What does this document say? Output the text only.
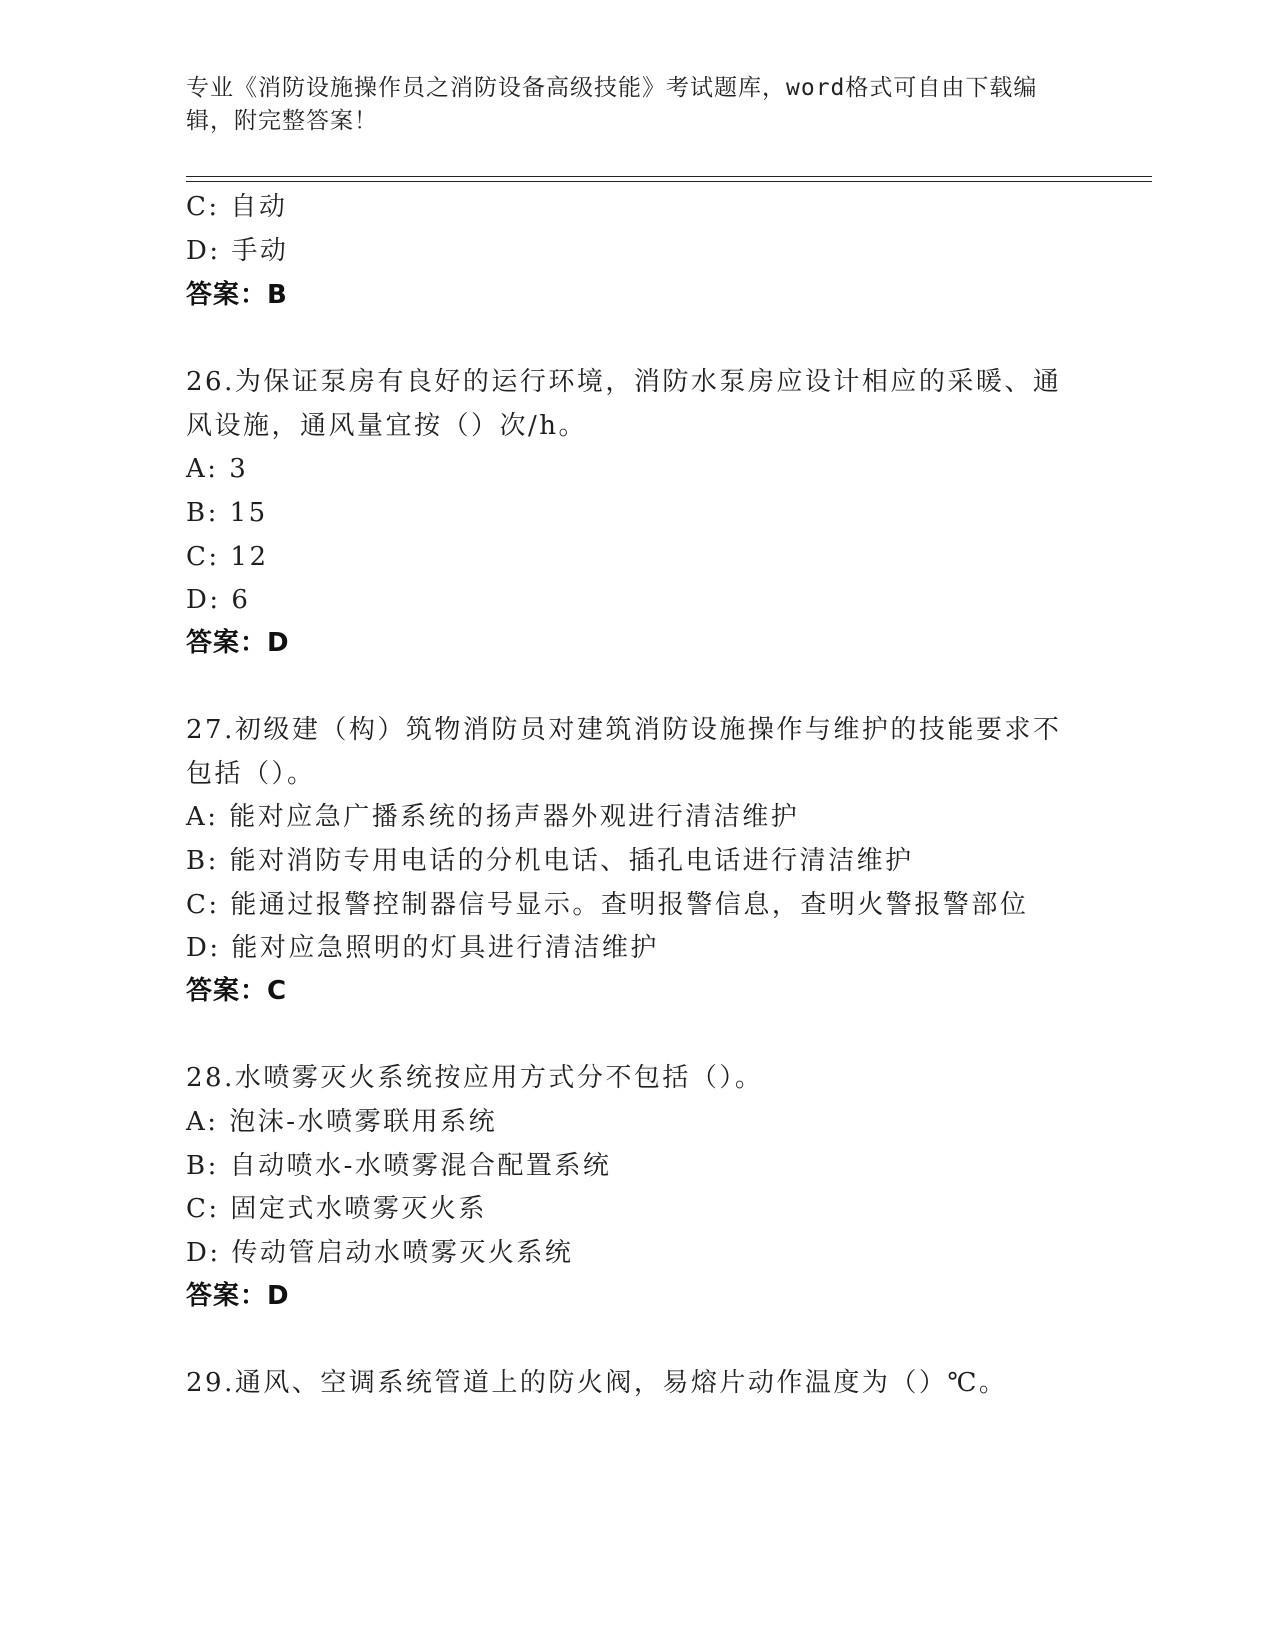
专业《消防设施操作员之消防设备高级技能》考试题库，word格式可自由下载编
辑，附完整答案！
C: 自动
D: 手动
答案：B
26.为保证泵房有良好的运行环境，消防水泵房应设计相应的采暖、通
风设施，通风量宜按（）次/h。
A: 3
B: 15
C: 12
D: 6
答案：D
27.初级建（构）筑物消防员对建筑消防设施操作与维护的技能要求不
包括（）。
A: 能对应急广播系统的扬声器外观进行清洁维护
B: 能对消防专用电话的分机电话、插孔电话进行清洁维护
C: 能通过报警控制器信号显示。查明报警信息，查明火警报警部位
D: 能对应急照明的灯具进行清洁维护
答案：C
28.水喷雾灭火系统按应用方式分不包括（）。
A: 泡沫-水喷雾联用系统
B: 自动喷水-水喷雾混合配置系统
C: 固定式水喷雾灭火系
D: 传动管启动水喷雾灭火系统
答案：D
29.通风、空调系统管道上的防火阀，易熔片动作温度为（）℃。
